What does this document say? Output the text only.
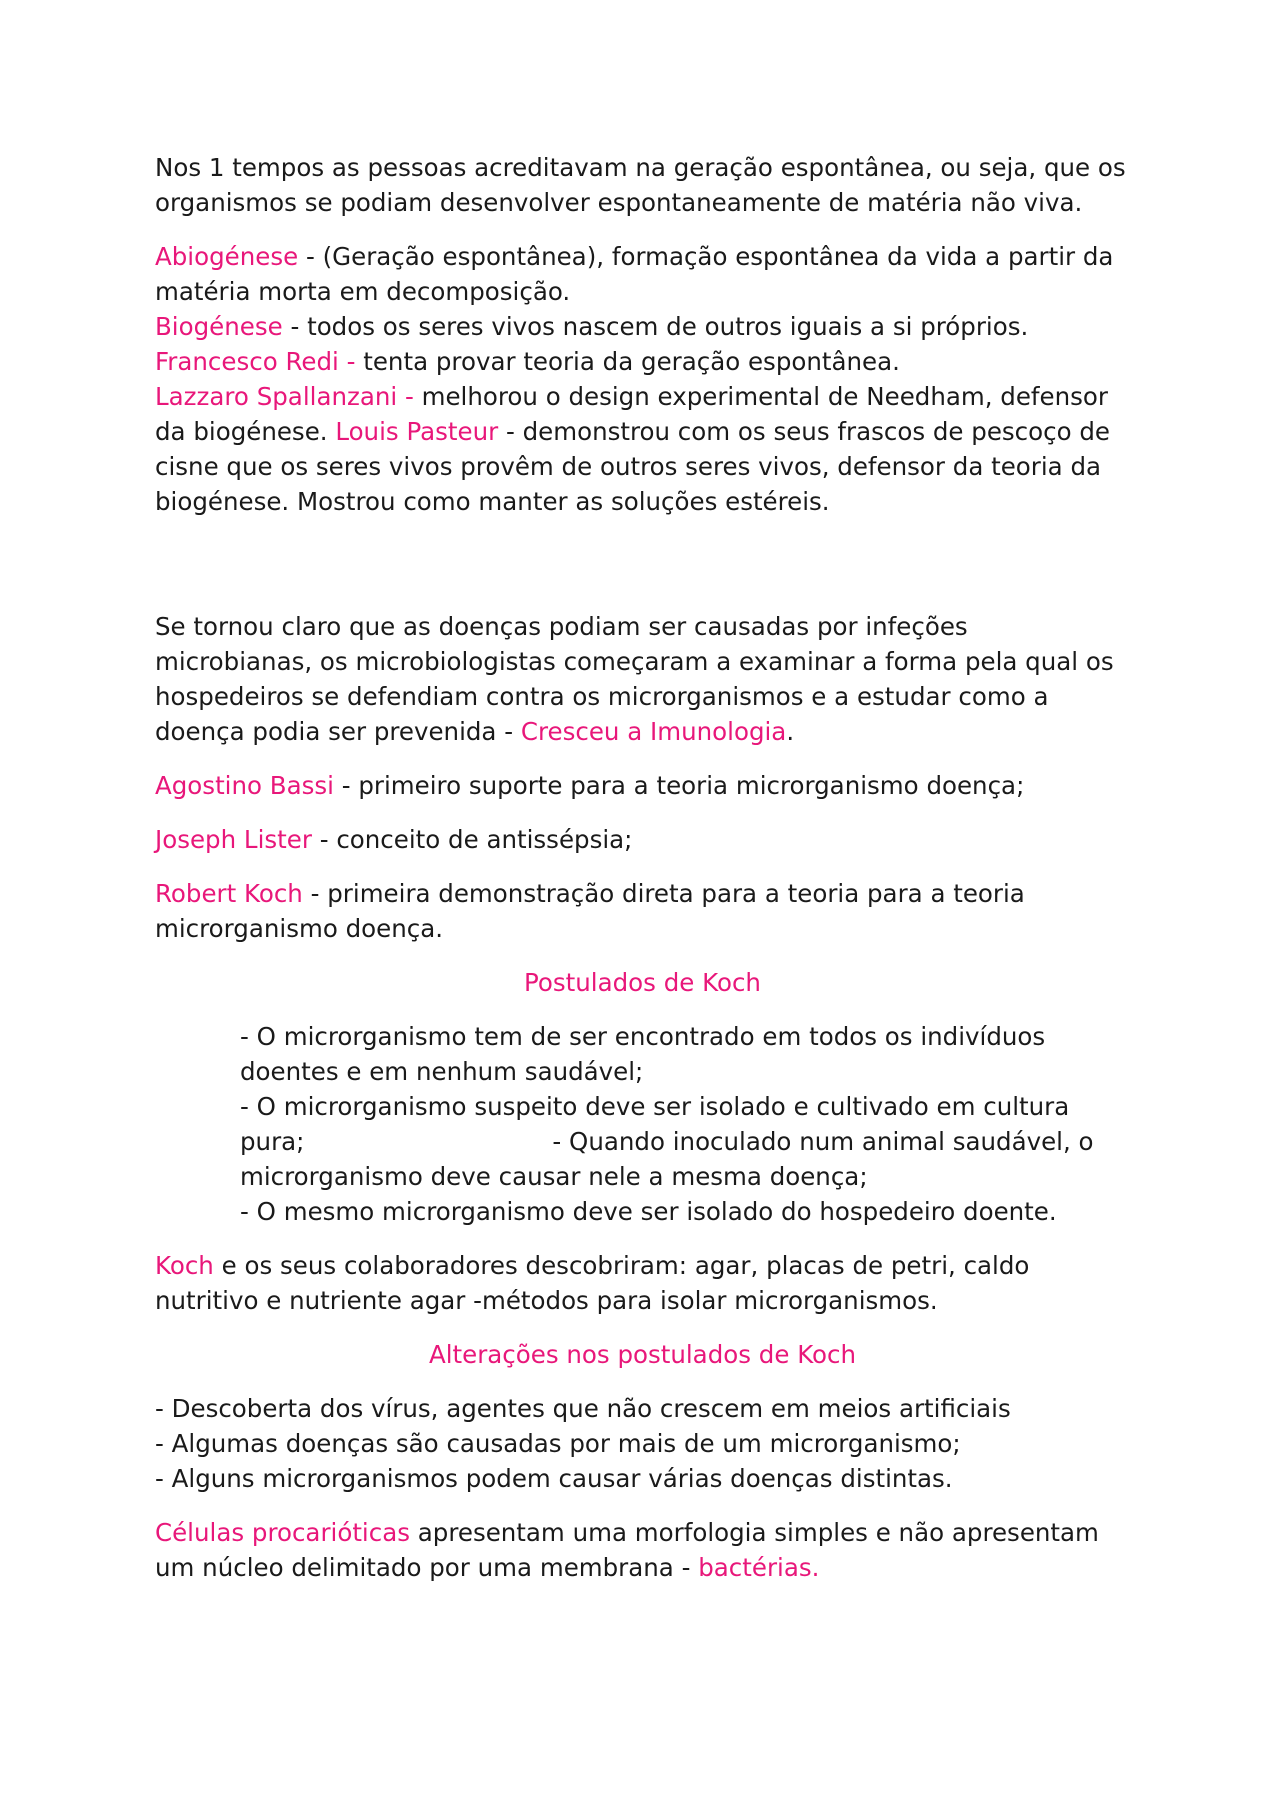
Nos 1 tempos as pessoas acreditavam na geração espontânea, ou seja, que os organismos se podiam desenvolver espontaneamente de matéria não viva.

Abiogénese - (Geração espontânea), formação espontânea da vida a partir da matéria morta em decomposição.
Biogénese - todos os seres vivos nascem de outros iguais a si próprios.
Francesco Redi - tenta provar teoria da geração espontânea.
Lazzaro Spallanzani - melhorou o design experimental de Needham, defensor da biogénese. Louis Pasteur - demonstrou com os seus frascos de pescoço de cisne que os seres vivos provêm de outros seres vivos, defensor da teoria da biogénese. Mostrou como manter as soluções estéreis.

Se tornou claro que as doenças podiam ser causadas por infeções microbianas, os microbiologistas começaram a examinar a forma pela qual os hospedeiros se defendiam contra os microrganismos e a estudar como a doença podia ser prevenida - Cresceu a Imunologia.

Agostino Bassi - primeiro suporte para a teoria microrganismo doença;

Joseph Lister - conceito de antissépsia;

Robert Koch - primeira demonstração direta para a teoria para a teoria microrganismo doença.

Postulados de Koch

- O microrganismo tem de ser encontrado em todos os indivíduos doentes e em nenhum saudável;
- O microrganismo suspeito deve ser isolado e cultivado em cultura pura;	- Quando inoculado num animal saudável, o microrganismo deve causar nele a mesma doença;
- O mesmo microrganismo deve ser isolado do hospedeiro doente.

Koch e os seus colaboradores descobriram: agar, placas de petri, caldo nutritivo e nutriente agar -métodos para isolar microrganismos.

Alterações nos postulados de Koch

- Descoberta dos vírus, agentes que não crescem em meios artificiais
- Algumas doenças são causadas por mais de um microrganismo;
- Alguns microrganismos podem causar várias doenças distintas.

Células procarióticas apresentam uma morfologia simples e não apresentam um núcleo delimitado por uma membrana - bactérias.
